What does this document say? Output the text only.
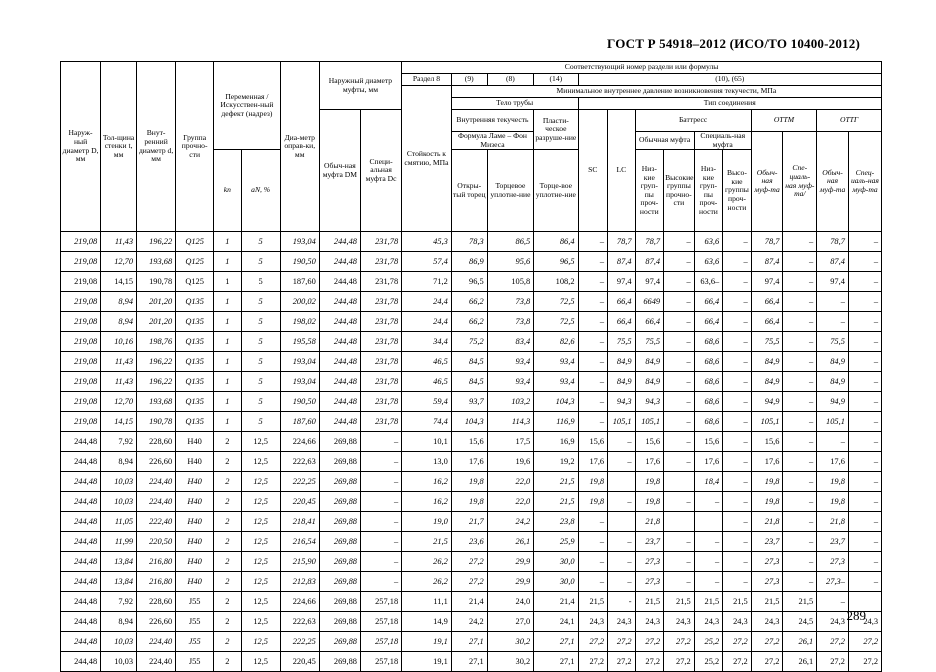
ГОСТ Р 54918–2012 (ИСО/ТО 10400-2012)
Наруж-ный диаметр D, мм	Тол-щина стенки t, мм	Внут-ренний диаметр d, мм	Группа прочно-сти	Переменная /Искусствен-ный дефект (надрез)		Диа-метр оправ-ки, мм	Наружный диаметр муфты, мм		Соответствующий номер раздели или формулы													
									Раздел 8	(9)	(8)	(14)	(10), (65)									
									Стойкость к смятию, МПа	Минимальное внутреннее давление возникновения текучести, МПа												
										Тело трубы			Тип соединения									
							Обыч-ная муфта DM	Специ-альная муфта Dc		Внутренняя текучесть		Пласти-ческое разруше-ние	SC	LC	Баттресс				ОТТМ		ОТТГ	
										Формула Ламе – Фон Мизеса					Обычная муфта		Специаль-ная муфта		Обыч-ная муф-та	Спе-циаль-ная муф-та/	Обыч-ная муф-та	Спец-иаль-ная муф-та
				kn	aN, %					Откры-тый торец	Торцевое уплотне-ние	Торце-вое уплотне-ние			Низ-кие груп-пы проч-ности	Высокие группы прочно-сти	Низ-кие груп-пы проч-ности	Высо-кие группы проч-ности				
219,08	11,43	196,22	Q125	1	5	193,04	244,48	231,78	45,3	78,3	86,5	86,4	–	78,7	78,7	–	63,6	–	78,7	–	78,7	–
219,08	12,70	193,68	Q125	1	5	190,50	244,48	231,78	57,4	86,9	95,6	96,5	–	87,4	87,4	–	63,6	–	87,4	–	87,4	–
219,08	14,15	190,78	Q125	1	5	187,60	244,48	231,78	71,2	96,5	105,8	108,2	–	97,4	97,4	–	63,6–	–	97,4	–	97,4	–
219,08	8,94	201,20	Q135	1	5	200,02	244,48	231,78	24,4	66,2	73,8	72,5	–	66,4	6649	–	66,4	–	66,4	–	–	–
219,08	8,94	201,20	Q135	1	5	198,02	244,48	231,78	24,4	66,2	73,8	72,5	–	66,4	66,4	–	66,4	–	66,4	–	–	–
219,08	10,16	198,76	Q135	1	5	195,58	244,48	231,78	34,4	75,2	83,4	82,6	–	75,5	75,5	–	68,6	–	75,5	–	75,5	–
219,08	11,43	196,22	Q135	1	5	193,04	244,48	231,78	46,5	84,5	93,4	93,4	–	84,9	84,9	–	68,6	–	84,9	–	84,9	–
219,08	11,43	196,22	Q135	1	5	193,04	244,48	231,78	46,5	84,5	93,4	93,4	–	84,9	84,9	–	68,6	–	84,9	–	84,9	–
219,08	12,70	193,68	Q135	1	5	190,50	244,48	231,78	59,4	93,7	103,2	104,3	–	94,3	94,3	–	68,6	–	94,9	–	94,9	–
219,08	14,15	190,78	Q135	1	5	187,60	244,48	231,78	74,4	104,3	114,3	116,9	–	105,1	105,1	–	68,6	–	105,1	–	105,1	–
244,48	7,92	228,60	H40	2	12,5	224,66	269,88	–	10,1	15,6	17,5	16,9	15,6	–	15,6	–	15,6	–	15,6	–	–	–
244,48	8,94	226,60	H40	2	12,5	222,63	269,88	–	13,0	17,6	19,6	19,2	17,6	–	17,6	–	17,6	–	17,6	–	17,6	–
244,48	10,03	224,40	H40	2	12,5	222,25	269,88	–	16,2	19,8	22,0	21,5	19,8		19,8		18,4	–	19,8	–	19,8	–
244,48	10,03	224,40	H40	2	12,5	220,45	269,88	–	16,2	19,8	22,0	21,5	19,8	–	19,8	–	–	–	19,8	–	19,8	–
244,48	11,05	222,40	H40	2	12,5	218,41	269,88	–	19,0	21,7	24,2	23,8	–		21,8			–	21,8	–	21,8	–
244,48	11,99	220,50	H40	2	12,5	216,54	269,88	–	21,5	23,6	26,1	25,9	–	–	23,7	–	–	–	23,7	–	23,7	–
244,48	13,84	216,80	H40	2	12,5	215,90	269,88	–	26,2	27,2	29,9	30,0	–	–	27,3	–	–	–	27,3	–	27,3	–
244,48	13,84	216,80	H40	2	12,5	212,83	269,88	–	26,2	27,2	29,9	30,0	–	–	27,3	–	–	–	27,3	–	27,3–	–
244,48	7,92	228,60	J55	2	12,5	224,66	269,88	257,18	11,1	21,4	24,0	21,4	21,5	-	21,5	21,5	21,5	21,5	21,5	21,5	–	
244,48	8,94	226,60	J55	2	12,5	222,63	269,88	257,18	14,9	24,2	27,0	24,1	24,3	24,3	24,3	24,3	24,3	24,3	24,3	24,5	24,3	24,3
244,48	10,03	224,40	J55	2	12,5	222,25	269,88	257,18	19,1	27,1	30,2	27,1	27,2	27,2	27,2	27,2	25,2	27,2	27,2	26,1	27,2	27,2
244,48	10,03	224,40	J55	2	12,5	220,45	269,88	257,18	19,1	27,1	30,2	27,1	27,2	27,2	27,2	27,2	25,2	27,2	27,2	26,1	27,2	27,2
289
